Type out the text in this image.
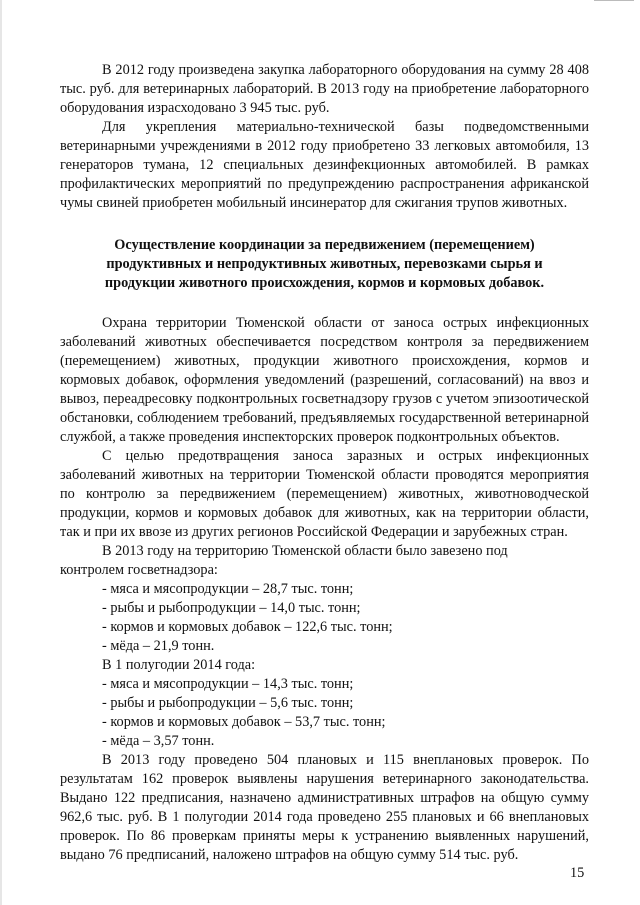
В 2012 году произведена закупка лабораторного оборудования на сумму 28 408 тыс. руб. для ветеринарных лабораторий. В 2013 году на приобретение лабораторного оборудования израсходовано 3 945 тыс. руб.

Для укрепления материально-технической базы подведомственными ветеринарными учреждениями в 2012 году приобретено 33 легковых автомобиля, 13 генераторов тумана, 12 специальных дезинфекционных автомобилей. В рамках профилактических мероприятий по предупреждению распространения африканской чумы свиней приобретен мобильный инсинератор для сжигания трупов животных.

Осуществление координации за передвижением (перемещением)
продуктивных и непродуктивных животных, перевозками сырья и
продукции животного происхождения, кормов и кормовых добавок.

Охрана территории Тюменской области от заноса острых инфекционных заболеваний животных обеспечивается посредством контроля за передвижением (перемещением) животных, продукции животного происхождения, кормов и кормовых добавок, оформления уведомлений (разрешений, согласований) на ввоз и вывоз, переадресовку подконтрольных госветнадзору грузов с учетом эпизоотической обстановки, соблюдением требований, предъявляемых государственной ветеринарной службой, а также проведения инспекторских проверок подконтрольных объектов.

С целью предотвращения заноса заразных и острых инфекционных заболеваний животных на территории Тюменской области проводятся мероприятия по контролю за передвижением (перемещением) животных, животноводческой продукции, кормов и кормовых добавок для животных, как на территории области, так и при их ввозе из других регионов Российской Федерации и зарубежных стран.

В 2013 году на территорию Тюменской области было завезено под

контролем госветнадзора:

- мяса и мясопродукции – 28,7 тыс. тонн;

- рыбы и рыбопродукции – 14,0 тыс. тонн;

- кормов и кормовых добавок – 122,6 тыс. тонн;

- мёда – 21,9 тонн.

В 1 полугодии 2014 года:

- мяса и мясопродукции – 14,3 тыс. тонн;

- рыбы и рыбопродукции – 5,6 тыс. тонн;

- кормов и кормовых добавок – 53,7 тыс. тонн;

- мёда – 3,57 тонн.

В 2013 году проведено 504 плановых и 115 внеплановых проверок. По результатам 162 проверок выявлены нарушения ветеринарного законодательства. Выдано 122 предписания, назначено административных штрафов на общую сумму 962,6 тыс. руб. В 1 полугодии 2014 года проведено 255 плановых и 66 внеплановых проверок. По 86 проверкам приняты меры к устранению выявленных нарушений, выдано 76 предписаний, наложено штрафов на общую сумму 514 тыс. руб.

15
